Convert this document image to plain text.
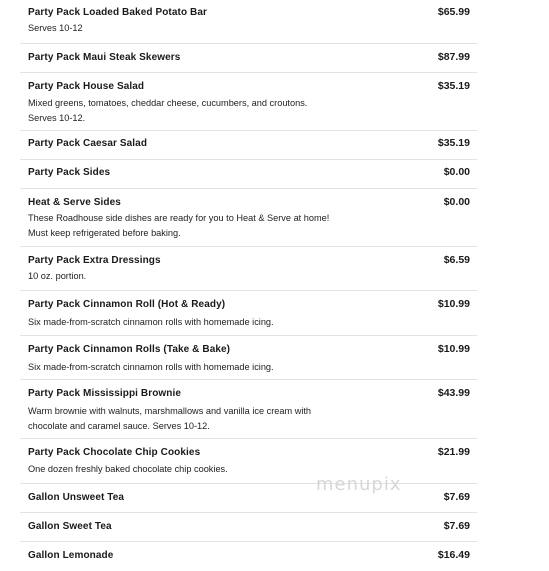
Party Pack Loaded Baked Potato Bar	$65.99
Serves 10-12
Party Pack Maui Steak Skewers	$87.99
Party Pack House Salad	$35.19
Mixed greens, tomatoes, cheddar cheese, cucumbers, and croutons.
Serves 10-12.
Party Pack Caesar Salad	$35.19
Party Pack Sides	$0.00
Heat & Serve Sides	$0.00
These Roadhouse side dishes are ready for you to Heat & Serve at home!
Must keep refrigerated before baking.
Party Pack Extra Dressings	$6.59
10 oz. portion.
Party Pack Cinnamon Roll (Hot & Ready)	$10.99
Six made-from-scratch cinnamon rolls with homemade icing.
Party Pack Cinnamon Rolls (Take & Bake)	$10.99
Six made-from-scratch cinnamon rolls with homemade icing.
Party Pack Mississippi Brownie	$43.99
Warm brownie with walnuts, marshmallows and vanilla ice cream with
chocolate and caramel sauce. Serves 10-12.
Party Pack Chocolate Chip Cookies	$21.99
One dozen freshly baked chocolate chip cookies.
Gallon Unsweet Tea	$7.69
Gallon Sweet Tea	$7.69
Gallon Lemonade	$16.49
menupix
